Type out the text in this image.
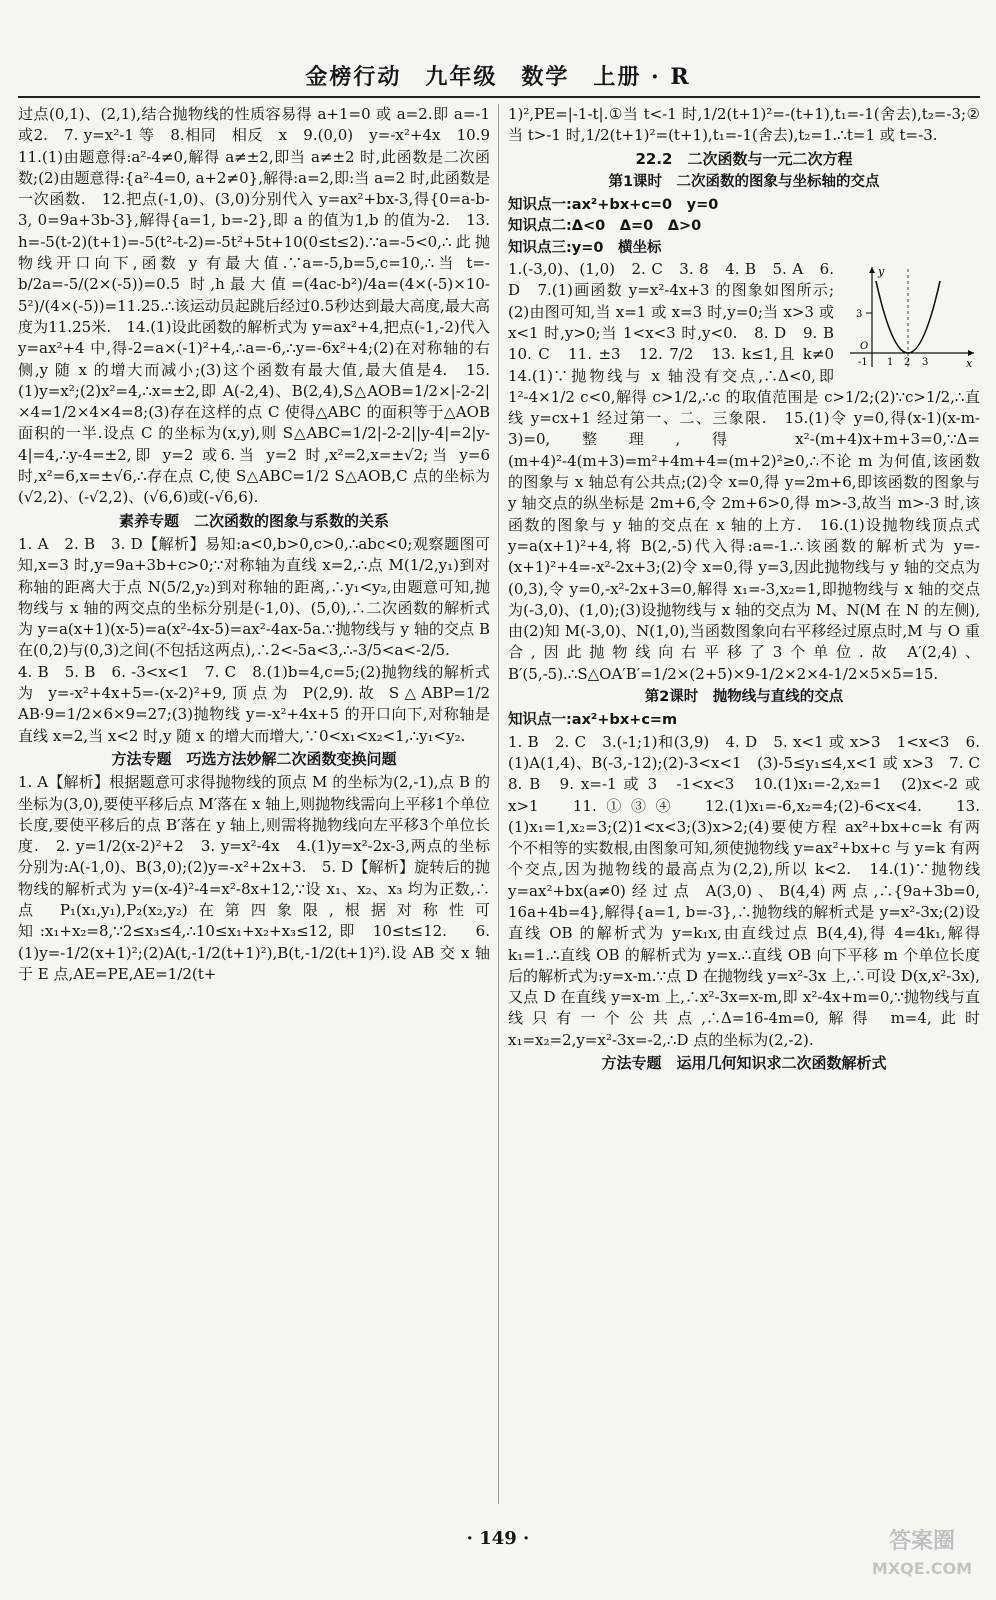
金榜行动　九年级　数学　上册 · R

过点(0,1)、(2,1),结合抛物线的性质容易得 a+1=0 或 a=2.即 a=-1 或2.　7. y=x²-1 等　8.相同　相反　x　9.(0,0)　y=-x²+4x　10.9　11.(1)由题意得:a²-4≠0,解得 a≠±2,即当 a≠±2 时,此函数是二次函数;(2)由题意得:{a²-4=0, a+2≠0},解得:a=2,即:当 a=2 时,此函数是一次函数.　12.把点(-1,0)、(3,0)分别代入 y=ax²+bx-3,得{0=a-b-3, 0=9a+3b-3},解得{a=1, b=-2},即 a 的值为1,b 的值为-2.　13. h=-5(t-2)(t+1)=-5(t²-t-2)=-5t²+5t+10(0≤t≤2).∵a=-5<0,∴此抛物线开口向下,函数 y 有最大值.∵a=-5,b=5,c=10,∴当 t=-b/2a=-5/(2×(-5))=0.5 时,h最大值=(4ac-b²)/4a=(4×(-5)×10-5²)/(4×(-5))=11.25.∴该运动员起跳后经过0.5秒达到最大高度,最大高度为11.25米.　14.(1)设此函数的解析式为 y=ax²+4,把点(-1,-2)代入 y=ax²+4 中,得-2=a×(-1)²+4,∴a=-6,∴y=-6x²+4;(2)在对称轴的右侧,y 随 x 的增大而减小;(3)这个函数有最大值,最大值是4.　15.(1)y=x²;(2)x²=4,∴x=±2,即 A(-2,4)、B(2,4),S△AOB=1/2×|-2-2|×4=1/2×4×4=8;(3)存在这样的点 C 使得△ABC 的面积等于△AOB 面积的一半.设点 C 的坐标为(x,y),则 S△ABC=1/2|-2-2||y-4|=2|y-4|=4,∴y-4=±2,即 y=2 或6.当 y=2 时,x²=2,x=±√2;当 y=6 时,x²=6,x=±√6,∴存在点 C,使 S△ABC=1/2 S△AOB,C 点的坐标为(√2,2)、(-√2,2)、(√6,6)或(-√6,6).

素养专题　二次函数的图象与系数的关系

1. A　2. B　3. D【解析】易知:a<0,b>0,c>0,∴abc<0;观察题图可知,x=3 时,y=9a+3b+c>0;∵对称轴为直线 x=2,∴点 M(1/2,y₁)到对称轴的距离大于点 N(5/2,y₂)到对称轴的距离,∴y₁<y₂,由题意可知,抛物线与 x 轴的两交点的坐标分别是(-1,0)、(5,0),∴二次函数的解析式为 y=a(x+1)(x-5)=a(x²-4x-5)=ax²-4ax-5a.∵抛物线与 y 轴的交点 B 在(0,2)与(0,3)之间(不包括这两点),∴2<-5a<3,∴-3/5<a<-2/5.

4. B　5. B　6. -3<x<1　7. C　8.(1)b=4,c=5;(2)抛物线的解析式为 y=-x²+4x+5=-(x-2)²+9,顶点为 P(2,9).故 S△ABP=1/2 AB·9=1/2×6×9=27;(3)抛物线 y=-x²+4x+5 的开口向下,对称轴是直线 x=2,当 x<2 时,y 随 x 的增大而增大,∵0<x₁<x₂<1,∴y₁<y₂.

方法专题　巧选方法妙解二次函数变换问题

1. A【解析】根据题意可求得抛物线的顶点 M 的坐标为(2,-1),点 B 的坐标为(3,0),要使平移后点 M′落在 x 轴上,则抛物线需向上平移1个单位长度,要使平移后的点 B′落在 y 轴上,则需将抛物线向左平移3个单位长度.　2. y=1/2(x-2)²+2　3. y=x²-4x　4.(1)y=x²-2x-3,两点的坐标分别为:A(-1,0)、B(3,0);(2)y=-x²+2x+3.　5. D【解析】旋转后的抛物线的解析式为 y=(x-4)²-4=x²-8x+12,∵设 x₁、x₂、x₃ 均为正数,∴点 P₁(x₁,y₁),P₂(x₂,y₂)在第四象限,根据对称性可知:x₁+x₂=8,∵2≤x₃≤4,∴10≤x₁+x₂+x₃≤12,即 10≤t≤12.　6.(1)y=-1/2(x+1)²;(2)A(t,-1/2(t+1)²),B(t,-1/2(t+1)²).设 AB 交 x 轴于 E 点,AE=PE,AE=1/2(t+

1)²,PE=|-1-t|.①当 t<-1 时,1/2(t+1)²=-(t+1),t₁=-1(舍去),t₂=-3;②当 t>-1 时,1/2(t+1)²=(t+1),t₁=-1(舍去),t₂=1.∴t=1 或 t=-3.

22.2　二次函数与一元二次方程

第1课时　二次函数的图象与坐标轴的交点

知识点一:ax²+bx+c=0　y=0

知识点二:Δ<0　Δ=0　Δ>0

知识点三:y=0　横坐标

y
x
O
3
-1 1 2 3

1.(-3,0)、(1,0)　2. C　3. 8　4. B　5. A　6. D　7.(1)画函数 y=x²-4x+3 的图象如图所示;(2)由图可知,当 x=1 或 x=3 时,y=0;当 x>3 或 x<1 时,y>0;当 1<x<3 时,y<0.　8. D　9. B　10. C　11. ±3　12. 7/2　13. k≤1,且 k≠0　14.(1)∵抛物线与 x 轴没有交点,∴Δ<0,即 1²-4×1/2 c<0,解得 c>1/2,∴c 的取值范围是 c>1/2;(2)∵c>1/2,∴直线 y=cx+1 经过第一、二、三象限.　15.(1)令 y=0,得(x-1)(x-m-3)=0,整理,得 x²-(m+4)x+m+3=0,∵Δ=(m+4)²-4(m+3)=m²+4m+4=(m+2)²≥0,∴不论 m 为何值,该函数的图象与 x 轴总有公共点;(2)令 x=0,得 y=2m+6,即该函数的图象与 y 轴交点的纵坐标是 2m+6,令 2m+6>0,得 m>-3,故当 m>-3 时,该函数的图象与 y 轴的交点在 x 轴的上方.　16.(1)设抛物线顶点式 y=a(x+1)²+4,将 B(2,-5)代入得:a=-1.∴该函数的解析式为 y=-(x+1)²+4=-x²-2x+3;(2)令 x=0,得 y=3,因此抛物线与 y 轴的交点为(0,3),令 y=0,-x²-2x+3=0,解得 x₁=-3,x₂=1,即抛物线与 x 轴的交点为(-3,0)、(1,0);(3)设抛物线与 x 轴的交点为 M、N(M 在 N 的左侧),由(2)知 M(-3,0)、N(1,0),当函数图象向右平移经过原点时,M 与 O 重合,因此抛物线向右平移了3个单位.故 A′(2,4)、B′(5,-5).∴S△OA′B′=1/2×(2+5)×9-1/2×2×4-1/2×5×5=15.

第2课时　抛物线与直线的交点

知识点一:ax²+bx+c=m

1. B　2. C　3.(-1;1)和(3,9)　4. D　5. x<1 或 x>3　1<x<3　6.(1)A(1,4)、B(-3,-12);(2)-3<x<1　(3)-5≤y₁≤4,x<1 或 x>3　7. C　8. B　9. x=-1 或 3　-1<x<3　10.(1)x₁=-2,x₂=1　(2)x<-2 或 x>1　11.①③④　12.(1)x₁=-6,x₂=4;(2)-6<x<4.　13.(1)x₁=1,x₂=3;(2)1<x<3;(3)x>2;(4)要使方程 ax²+bx+c=k 有两个不相等的实数根,由图象可知,须使抛物线 y=ax²+bx+c 与 y=k 有两个交点,因为抛物线的最高点为(2,2),所以 k<2.　14.(1)∵抛物线 y=ax²+bx(a≠0)经过点 A(3,0)、B(4,4)两点,∴{9a+3b=0, 16a+4b=4},解得{a=1, b=-3},∴抛物线的解析式是 y=x²-3x;(2)设直线 OB 的解析式为 y=k₁x,由直线过点 B(4,4),得 4=4k₁,解得 k₁=1.∴直线 OB 的解析式为 y=x.∴直线 OB 向下平移 m 个单位长度后的解析式为:y=x-m.∵点 D 在抛物线 y=x²-3x 上,∴可设 D(x,x²-3x),又点 D 在直线 y=x-m 上,∴x²-3x=x-m,即 x²-4x+m=0,∵抛物线与直线只有一个公共点,∴Δ=16-4m=0,解得 m=4,此时 x₁=x₂=2,y=x²-3x=-2,∴D 点的坐标为(2,-2).

方法专题　运用几何知识求二次函数解析式

· 149 ·	答案圈
MXQE.COM
